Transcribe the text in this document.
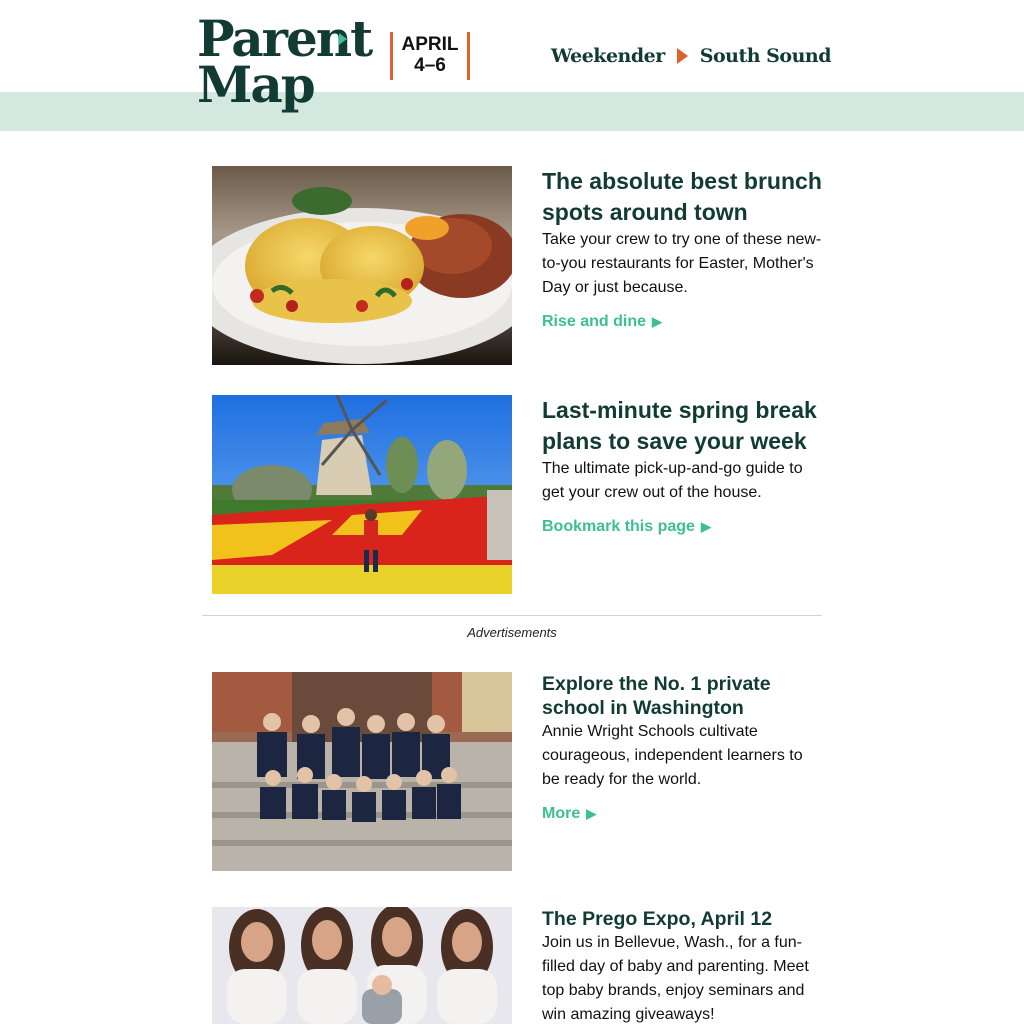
Parent
Map
APRIL
4–6	Weekender South Sound
The absolute best brunch spots around town

Take your crew to try one of these new-to-you restaurants for Easter, Mother's Day or just because.

Rise and dine ▶
Last-minute spring break plans to save your week

The ultimate pick-up-and-go guide to get your crew out of the house.

Bookmark this page ▶
Advertisements
Explore the No. 1 private school in Washington

Annie Wright Schools cultivate courageous, independent learners to be ready for the world.

More ▶
The Prego Expo, April 12

Join us in Bellevue, Wash., for a fun-filled day of baby and parenting. Meet top baby brands, enjoy seminars and win amazing giveaways!
